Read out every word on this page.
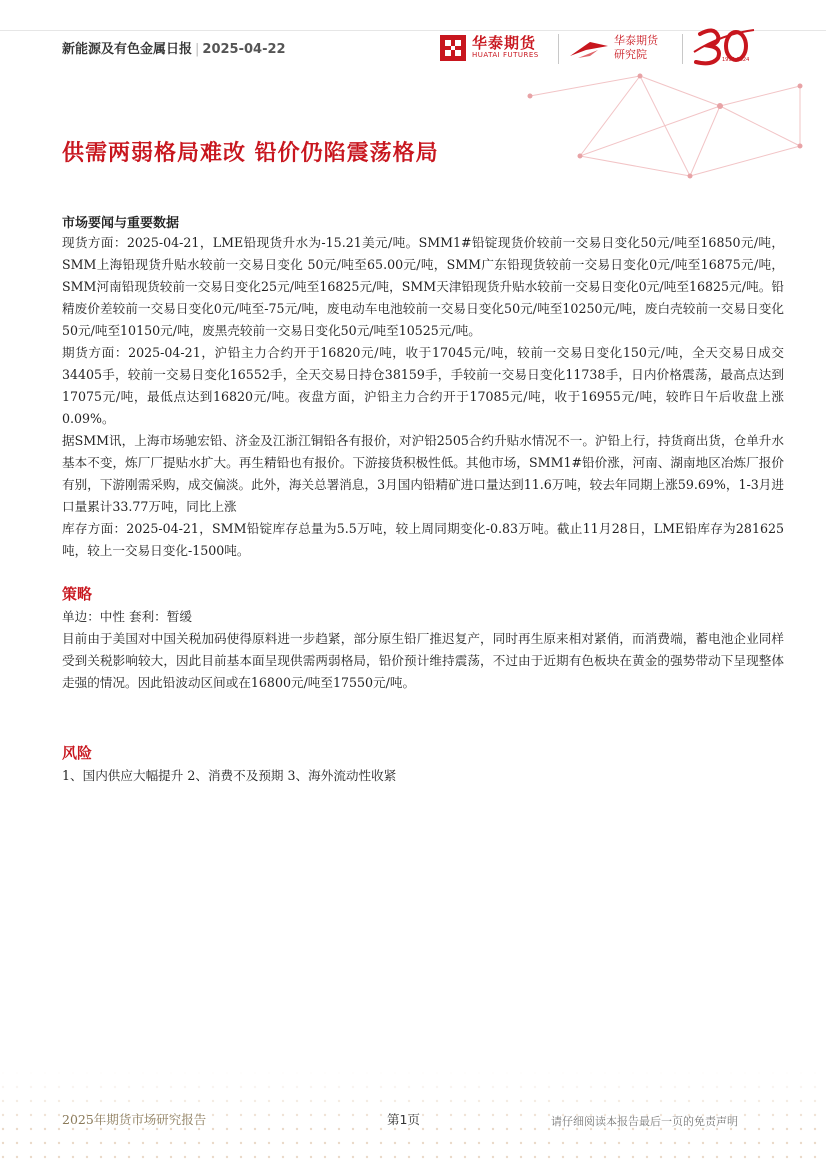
新能源及有色金属日报 | 2025-04-22	华泰期货
HUATAI FUTURES
华泰期货
研究院	1994-2024
供需两弱格局难改 铅价仍陷震荡格局
市场要闻与重要数据

现货方面：2025-04-21，LME铅现货升水为-15.21美元/吨。SMM1#铅锭现货价较前一交易日变化50元/吨至16850元/吨，SMM上海铅现货升贴水较前一交易日变化 50元/吨至65.00元/吨，SMM广东铅现货较前一交易日变化0元/吨至16875元/吨，SMM河南铅现货较前一交易日变化25元/吨至16825元/吨，SMM天津铅现货升贴水较前一交易日变化0元/吨至16825元/吨。铅精废价差较前一交易日变化0元/吨至-75元/吨，废电动车电池较前一交易日变化50元/吨至10250元/吨，废白壳较前一交易日变化50元/吨至10150元/吨，废黑壳较前一交易日变化50元/吨至10525元/吨。

期货方面：2025-04-21，沪铅主力合约开于16820元/吨，收于17045元/吨，较前一交易日变化150元/吨，全天交易日成交34405手，较前一交易日变化16552手，全天交易日持仓38159手，手较前一交易日变化11738手，日内价格震荡，最高点达到17075元/吨，最低点达到16820元/吨。夜盘方面，沪铅主力合约开于17085元/吨，收于16955元/吨，较昨日午后收盘上涨0.09%。

据SMM讯，上海市场驰宏铅、济金及江浙江铜铅各有报价，对沪铅2505合约升贴水情况不一。沪铅上行，持货商出货，仓单升水基本不变，炼厂厂提贴水扩大。再生精铅也有报价。下游接货积极性低。其他市场，SMM1#铅价涨，河南、湖南地区冶炼厂报价有别，下游刚需采购，成交偏淡。此外，海关总署消息，3月国内铅精矿进口量达到11.6万吨，较去年同期上涨59.69%，1-3月进口量累计33.77万吨，同比上涨

库存方面：2025-04-21，SMM铅锭库存总量为5.5万吨，较上周同期变化-0.83万吨。截止11月28日，LME铅库存为281625吨，较上一交易日变化-1500吨。

策略

单边：中性 套利：暂缓

目前由于美国对中国关税加码使得原料进一步趋紧，部分原生铅厂推迟复产，同时再生原来相对紧俏，而消费端，蓄电池企业同样受到关税影响较大，因此目前基本面呈现供需两弱格局，铅价预计维持震荡，不过由于近期有色板块在黄金的强势带动下呈现整体走强的情况。因此铅波动区间或在16800元/吨至17550元/吨。

风险

1、国内供应大幅提升 2、消费不及预期 3、海外流动性收紧

2025年期货市场研究报告	第1页	请仔细阅读本报告最后一页的免责声明
